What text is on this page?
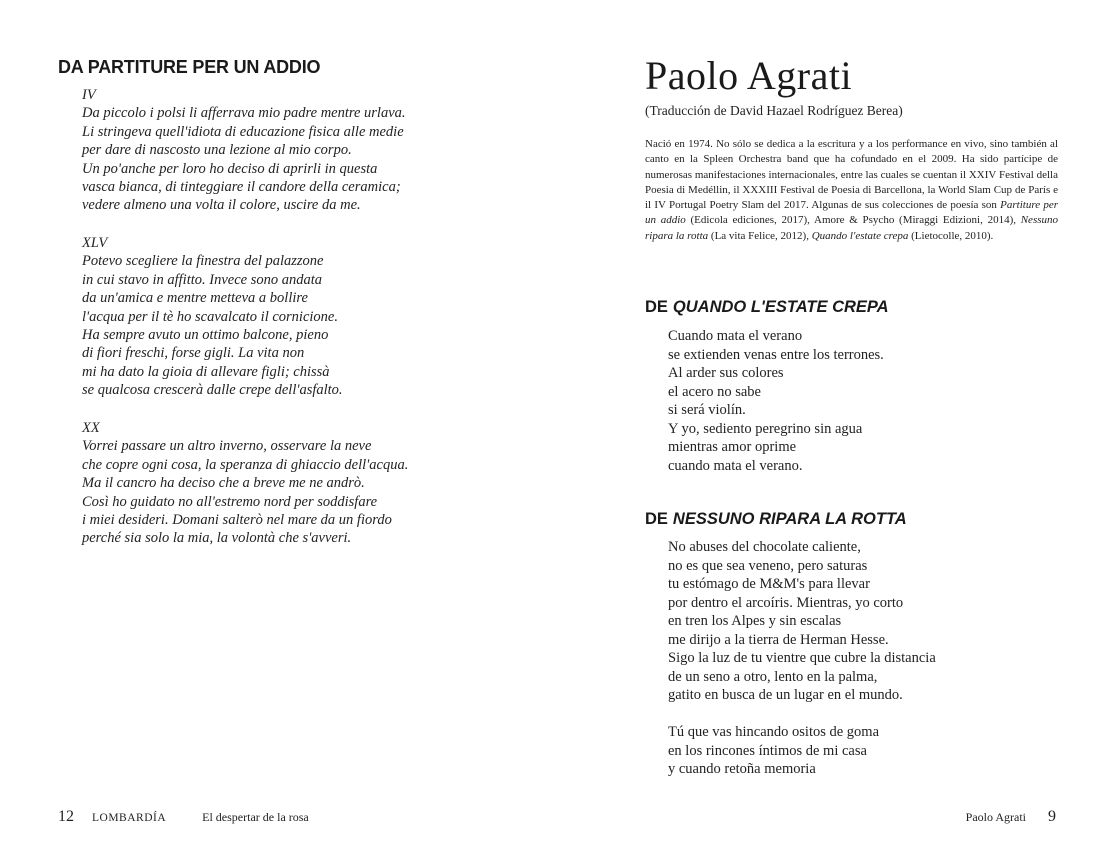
DA PARTITURE PER UN ADDIO
IV
Da piccolo i polsi li afferrava mio padre mentre urlava.
Li stringeva quell'idiota di educazione fisica alle medie
per dare di nascosto una lezione al mio corpo.
Un po'anche per loro ho deciso di aprirli in questa
vasca bianca, di tinteggiare il candore della ceramica;
vedere almeno una volta il colore, uscire da me.
XLV
Potevo scegliere la finestra del palazzone
in cui stavo in affitto. Invece sono andata
da un'amica e mentre metteva a bollire
l'acqua per il tè ho scavalcato il cornicione.
Ha sempre avuto un ottimo balcone, pieno
di fiori freschi, forse gigli. La vita non
mi ha dato la gioia di allevare figli; chissà
se qualcosa crescerà dalle crepe dell'asfalto.
XX
Vorrei passare un altro inverno, osservare la neve
che copre ogni cosa, la speranza di ghiaccio dell'acqua.
Ma il cancro ha deciso che a breve me ne andrò.
Così ho guidato no all'estremo nord per soddisfare
i miei desideri. Domani salterò nel mare da un fiordo
perché sia solo la mia, la volontà che s'avveri.
12 LOMBARDÍA	El despertar de la rosa
Paolo Agrati
(Traducción de David Hazael Rodríguez Berea)

Nació en 1974. No sólo se dedica a la escritura y a los performance en vivo, sino también al canto en la Spleen Orchestra band que ha cofundado en el 2009. Ha sido partícipe de numerosas manifestaciones internacionales, entre las cuales se cuentan il XXIV Festival della Poesia di Medéllin, il XXXIII Festival de Poesia di Barcellona, la World Slam Cup de París e il IV Portugal Poetry Slam del 2017. Algunas de sus colecciones de poesía son Partiture per un addio (Edicola ediciones, 2017), Amore & Psycho (Miraggi Edizioni, 2014), Nessuno ripara la rotta (La vita Felice, 2012), Quando l'estate crepa (Lietocolle, 2010).

DE QUANDO L'ESTATE CREPA
Cuando mata el verano
se extienden venas entre los terrones.
Al arder sus colores
el acero no sabe
si será violín.
Y yo, sediento peregrino sin agua
mientras amor oprime
cuando mata el verano.
DE NESSUNO RIPARA LA ROTTA
No abuses del chocolate caliente,
no es que sea veneno, pero saturas
tu estómago de M&M's para llevar
por dentro el arcoíris. Mientras, yo corto
en tren los Alpes y sin escalas
me dirijo a la tierra de Herman Hesse.
Sigo la luz de tu vientre que cubre la distancia
de un seno a otro, lento en la palma,
gatito en busca de un lugar en el mundo.
Tú que vas hincando ositos de goma
en los rincones íntimos de mi casa
y cuando retoña memoria
Paolo Agrati 9
